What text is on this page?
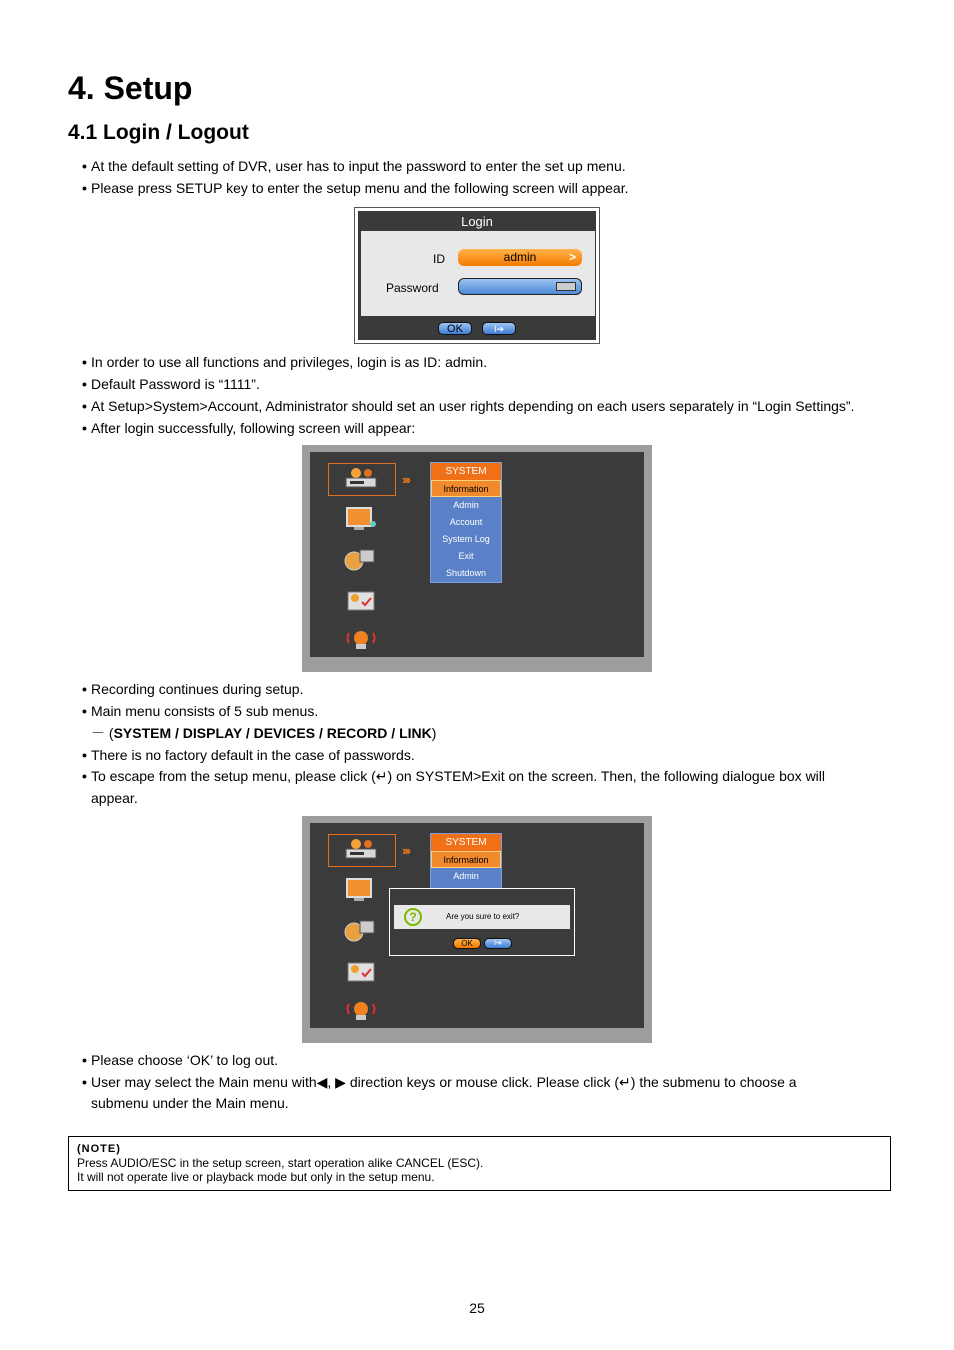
4. Setup
4.1 Login / Logout
• At the default setting of DVR, user has to input the password to enter the set up menu.
• Please press SETUP key to enter the setup menu and the following screen will appear.
Login
ID	admin	>
Password
OK	I➔
• In order to use all functions and privileges, login is as ID: admin.
• Default Password is “1111”.
• At Setup>System>Account, Administrator should set an user rights depending on each users separately in “Login Settings”.
• After login successfully, following screen will appear:
›››
SYSTEM
Information
Admin
Account
System Log
Exit
Shutdown
• Recording continues during setup.
• Main menu consists of 5 sub menus.
－ (SYSTEM / DISPLAY / DEVICES / RECORD / LINK)
• There is no factory default in the case of passwords.
• To escape from the setup menu, please click (↵) on SYSTEM>Exit on the screen. Then, the following dialogue box will
appear.
›››
SYSTEM
Information
Admin
?	Are you sure to exit?
OK	I➔
• Please choose ‘OK’ to log out.
• User may select the Main menu with◀, ▶ direction keys or mouse click. Please click (↵) the submenu to choose a
submenu under the Main menu.
(NOTE)
Press AUDIO/ESC in the setup screen, start operation alike CANCEL (ESC).
It will not operate live or playback mode but only in the setup menu.
25
